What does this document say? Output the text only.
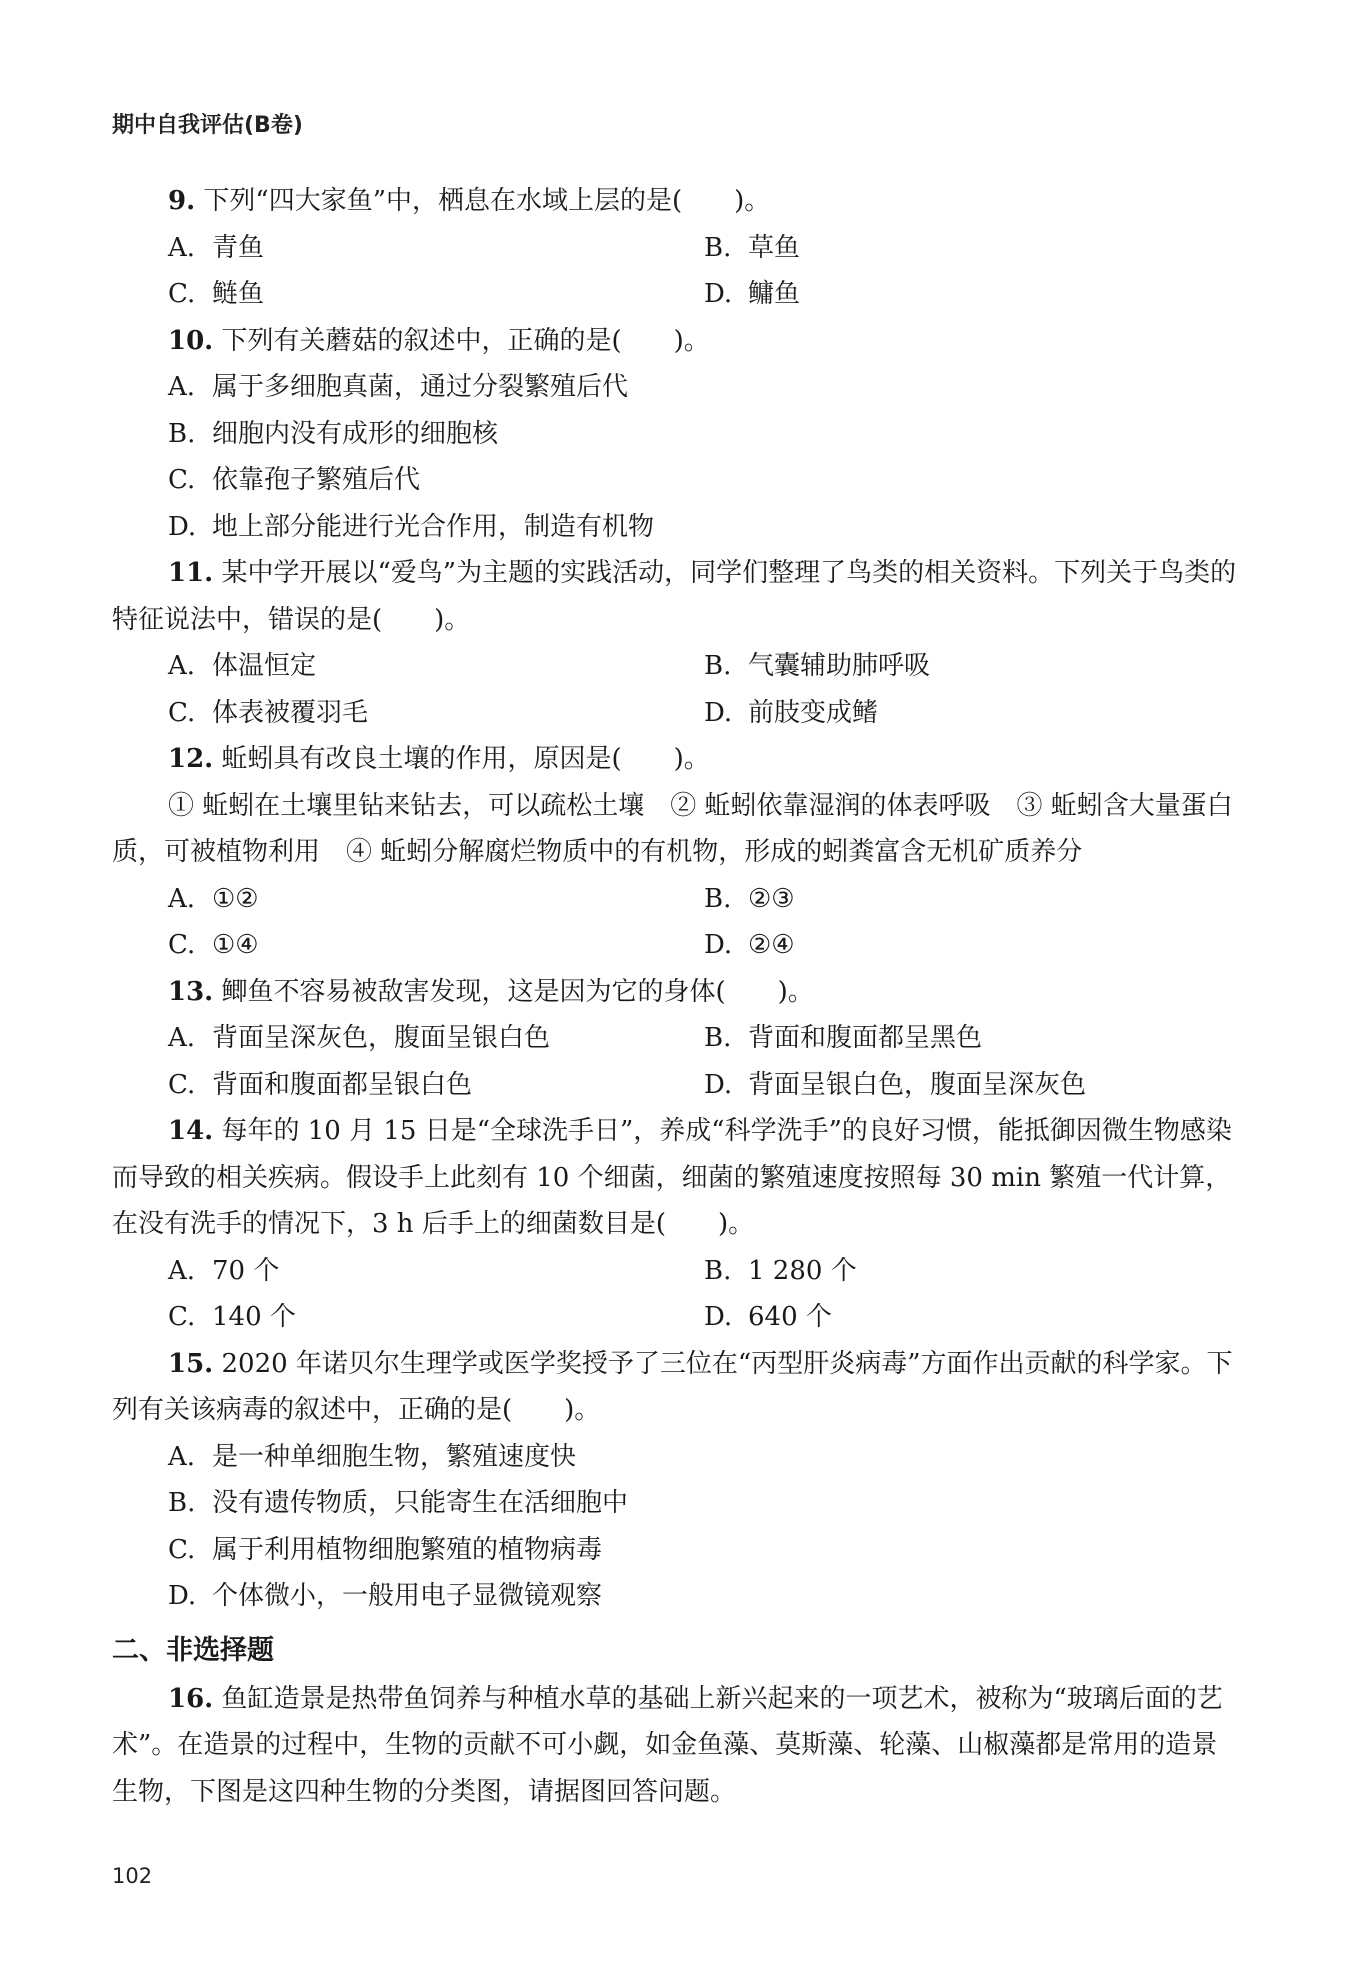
期中自我评估(B卷)

9. 下列“四大家鱼”中，栖息在水域上层的是(　　)。

A. 青鱼	B. 草鱼
C. 鲢鱼	D. 鳙鱼

10. 下列有关蘑菇的叙述中，正确的是(　　)。

A. 属于多细胞真菌，通过分裂繁殖后代
B. 细胞内没有成形的细胞核
C. 依靠孢子繁殖后代
D. 地上部分能进行光合作用，制造有机物

11. 某中学开展以“爱鸟”为主题的实践活动，同学们整理了鸟类的相关资料。下列关于鸟类的特征说法中，错误的是(　　)。

A. 体温恒定	B. 气囊辅助肺呼吸
C. 体表被覆羽毛	D. 前肢变成鳍

12. 蚯蚓具有改良土壤的作用，原因是(　　)。

① 蚯蚓在土壤里钻来钻去，可以疏松土壤　② 蚯蚓依靠湿润的体表呼吸　③ 蚯蚓含大量蛋白质，可被植物利用　④ 蚯蚓分解腐烂物质中的有机物，形成的蚓粪富含无机矿质养分

A. ①②	B. ②③
C. ①④	D. ②④

13. 鲫鱼不容易被敌害发现，这是因为它的身体(　　)。

A. 背面呈深灰色，腹面呈银白色	B. 背面和腹面都呈黑色
C. 背面和腹面都呈银白色	D. 背面呈银白色，腹面呈深灰色

14. 每年的 10 月 15 日是“全球洗手日”，养成“科学洗手”的良好习惯，能抵御因微生物感染而导致的相关疾病。假设手上此刻有 10 个细菌，细菌的繁殖速度按照每 30 min 繁殖一代计算，在没有洗手的情况下，3 h 后手上的细菌数目是(　　)。

A. 70 个	B. 1 280 个
C. 140 个	D. 640 个

15. 2020 年诺贝尔生理学或医学奖授予了三位在“丙型肝炎病毒”方面作出贡献的科学家。下列有关该病毒的叙述中，正确的是(　　)。

A. 是一种单细胞生物，繁殖速度快
B. 没有遗传物质，只能寄生在活细胞中
C. 属于利用植物细胞繁殖的植物病毒
D. 个体微小，一般用电子显微镜观察
二、非选择题

16. 鱼缸造景是热带鱼饲养与种植水草的基础上新兴起来的一项艺术，被称为“玻璃后面的艺术”。在造景的过程中，生物的贡献不可小觑，如金鱼藻、莫斯藻、轮藻、山椒藻都是常用的造景生物，下图是这四种生物的分类图，请据图回答问题。

102
